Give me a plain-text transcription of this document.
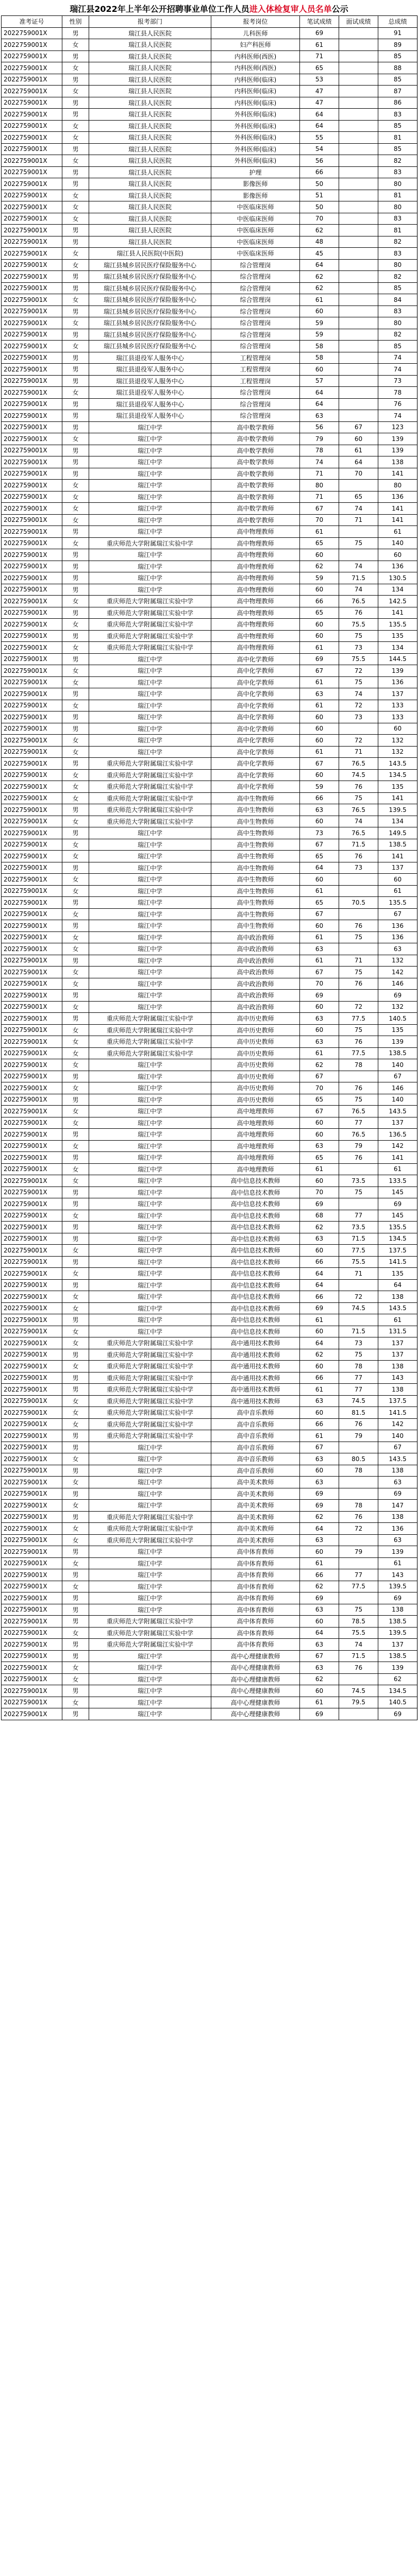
瑞江县2022年上半年公开招聘事业单位工作人员进入体检复审人员名单公示
准考证号	性别	报考部门	报考岗位	笔试成绩	面试成绩	总成绩
2022759001X	男	瑞江县人民医院	儿科医师	69		91
2022759001X	女	瑞江县人民医院	妇产科医师	61		89
2022759001X	男	瑞江县人民医院	内科医师(西医)	71		85
2022759001X	女	瑞江县人民医院	内科医师(西医)	65		88
2022759001X	男	瑞江县人民医院	内科医师(临床)	53		85
2022759001X	女	瑞江县人民医院	内科医师(临床)	47		87
2022759001X	男	瑞江县人民医院	内科医师(临床)	47		86
2022759001X	男	瑞江县人民医院	外科医师(临床)	64		83
2022759001X	女	瑞江县人民医院	外科医师(临床)	64		85
2022759001X	女	瑞江县人民医院	外科医师(临床)	55		81
2022759001X	男	瑞江县人民医院	外科医师(临床)	54		85
2022759001X	女	瑞江县人民医院	外科医师(临床)	56		82
2022759001X	男	瑞江县人民医院	护理	66		83
2022759001X	男	瑞江县人民医院	影像医师	50		80
2022759001X	女	瑞江县人民医院	影像医师	51		81
2022759001X	女	瑞江县人民医院	中医临床医师	50		80
2022759001X	女	瑞江县人民医院	中医临床医师	70		83
2022759001X	男	瑞江县人民医院	中医临床医师	62		81
2022759001X	男	瑞江县人民医院	中医临床医师	48		82
2022759001X	女	瑞江县人民医院(中医院)	中医临床医师	45		83
2022759001X	女	瑞江县城乡居民医疗保险服务中心	综合管理岗	64		80
2022759001X	男	瑞江县城乡居民医疗保险服务中心	综合管理岗	62		82
2022759001X	男	瑞江县城乡居民医疗保险服务中心	综合管理岗	62		85
2022759001X	女	瑞江县城乡居民医疗保险服务中心	综合管理岗	61		84
2022759001X	男	瑞江县城乡居民医疗保险服务中心	综合管理岗	60		83
2022759001X	女	瑞江县城乡居民医疗保险服务中心	综合管理岗	59		80
2022759001X	男	瑞江县城乡居民医疗保险服务中心	综合管理岗	59		82
2022759001X	女	瑞江县城乡居民医疗保险服务中心	综合管理岗	58		85
2022759001X	男	瑞江县退役军人服务中心	工程管理岗	58		74
2022759001X	男	瑞江县退役军人服务中心	工程管理岗	60		74
2022759001X	男	瑞江县退役军人服务中心	工程管理岗	57		73
2022759001X	女	瑞江县退役军人服务中心	综合管理岗	64		78
2022759001X	男	瑞江县退役军人服务中心	综合管理岗	64		76
2022759001X	男	瑞江县退役军人服务中心	综合管理岗	63		74
2022759001X	男	瑞江中学	高中数学教师	56	67	123
2022759001X	女	瑞江中学	高中数学教师	79	60	139
2022759001X	男	瑞江中学	高中数学教师	78	61	139
2022759001X	男	瑞江中学	高中数学教师	74	64	138
2022759001X	男	瑞江中学	高中数学教师	71	70	141
2022759001X	女	瑞江中学	高中数学教师	80		80
2022759001X	女	瑞江中学	高中数学教师	71	65	136
2022759001X	女	瑞江中学	高中数学教师	67	74	141
2022759001X	女	瑞江中学	高中数学教师	70	71	141
2022759001X	男	瑞江中学	高中物理教师	61		61
2022759001X	女	重庆师范大学附属瑞江实验中学	高中物理教师	65	75	140
2022759001X	男	瑞江中学	高中物理教师	60		60
2022759001X	男	瑞江中学	高中物理教师	62	74	136
2022759001X	男	瑞江中学	高中物理教师	59	71.5	130.5
2022759001X	男	瑞江中学	高中物理教师	60	74	134
2022759001X	女	重庆师范大学附属瑞江实验中学	高中物理教师	66	76.5	142.5
2022759001X	男	重庆师范大学附属瑞江实验中学	高中物理教师	65	76	141
2022759001X	女	重庆师范大学附属瑞江实验中学	高中物理教师	60	75.5	135.5
2022759001X	男	重庆师范大学附属瑞江实验中学	高中物理教师	60	75	135
2022759001X	女	重庆师范大学附属瑞江实验中学	高中物理教师	61	73	134
2022759001X	男	瑞江中学	高中化学教师	69	75.5	144.5
2022759001X	女	瑞江中学	高中化学教师	67	72	139
2022759001X	女	瑞江中学	高中化学教师	61	75	136
2022759001X	男	瑞江中学	高中化学教师	63	74	137
2022759001X	女	瑞江中学	高中化学教师	61	72	133
2022759001X	男	瑞江中学	高中化学教师	60	73	133
2022759001X	男	瑞江中学	高中化学教师	60		60
2022759001X	女	瑞江中学	高中化学教师	60	72	132
2022759001X	女	瑞江中学	高中化学教师	61	71	132
2022759001X	男	重庆师范大学附属瑞江实验中学	高中化学教师	67	76.5	143.5
2022759001X	女	重庆师范大学附属瑞江实验中学	高中化学教师	60	74.5	134.5
2022759001X	女	重庆师范大学附属瑞江实验中学	高中化学教师	59	76	135
2022759001X	女	重庆师范大学附属瑞江实验中学	高中生物教师	66	75	141
2022759001X	男	重庆师范大学附属瑞江实验中学	高中生物教师	63	76.5	139.5
2022759001X	女	重庆师范大学附属瑞江实验中学	高中生物教师	60	74	134
2022759001X	男	瑞江中学	高中生物教师	73	76.5	149.5
2022759001X	女	瑞江中学	高中生物教师	67	71.5	138.5
2022759001X	女	瑞江中学	高中生物教师	65	76	141
2022759001X	男	瑞江中学	高中生物教师	64	73	137
2022759001X	女	瑞江中学	高中生物教师	60		60
2022759001X	女	瑞江中学	高中生物教师	61		61
2022759001X	男	瑞江中学	高中生物教师	65	70.5	135.5
2022759001X	女	瑞江中学	高中生物教师	67		67
2022759001X	男	瑞江中学	高中生物教师	60	76	136
2022759001X	女	瑞江中学	高中政治教师	61	75	136
2022759001X	女	瑞江中学	高中政治教师	63		63
2022759001X	男	瑞江中学	高中政治教师	61	71	132
2022759001X	女	瑞江中学	高中政治教师	67	75	142
2022759001X	女	瑞江中学	高中政治教师	70	76	146
2022759001X	男	瑞江中学	高中政治教师	69		69
2022759001X	女	瑞江中学	高中政治教师	60	72	132
2022759001X	男	重庆师范大学附属瑞江实验中学	高中历史教师	63	77.5	140.5
2022759001X	女	重庆师范大学附属瑞江实验中学	高中历史教师	60	75	135
2022759001X	女	重庆师范大学附属瑞江实验中学	高中历史教师	63	76	139
2022759001X	女	重庆师范大学附属瑞江实验中学	高中历史教师	61	77.5	138.5
2022759001X	女	瑞江中学	高中历史教师	62	78	140
2022759001X	男	瑞江中学	高中历史教师	67		67
2022759001X	女	瑞江中学	高中历史教师	70	76	146
2022759001X	男	瑞江中学	高中历史教师	65	75	140
2022759001X	女	瑞江中学	高中地理教师	67	76.5	143.5
2022759001X	女	瑞江中学	高中地理教师	60	77	137
2022759001X	男	瑞江中学	高中地理教师	60	76.5	136.5
2022759001X	女	瑞江中学	高中地理教师	63	79	142
2022759001X	男	瑞江中学	高中地理教师	65	76	141
2022759001X	女	瑞江中学	高中地理教师	61		61
2022759001X	女	瑞江中学	高中信息技术教师	60	73.5	133.5
2022759001X	男	瑞江中学	高中信息技术教师	70	75	145
2022759001X	男	瑞江中学	高中信息技术教师	69		69
2022759001X	女	瑞江中学	高中信息技术教师	68	77	145
2022759001X	男	瑞江中学	高中信息技术教师	62	73.5	135.5
2022759001X	男	瑞江中学	高中信息技术教师	63	71.5	134.5
2022759001X	女	瑞江中学	高中信息技术教师	60	77.5	137.5
2022759001X	男	瑞江中学	高中信息技术教师	66	75.5	141.5
2022759001X	女	瑞江中学	高中信息技术教师	64	71	135
2022759001X	男	瑞江中学	高中信息技术教师	64		64
2022759001X	女	瑞江中学	高中信息技术教师	66	72	138
2022759001X	女	瑞江中学	高中信息技术教师	69	74.5	143.5
2022759001X	男	瑞江中学	高中信息技术教师	61		61
2022759001X	女	瑞江中学	高中信息技术教师	60	71.5	131.5
2022759001X	女	重庆师范大学附属瑞江实验中学	高中通用技术教师	64	73	137
2022759001X	男	重庆师范大学附属瑞江实验中学	高中通用技术教师	62	75	137
2022759001X	女	重庆师范大学附属瑞江实验中学	高中通用技术教师	60	78	138
2022759001X	男	重庆师范大学附属瑞江实验中学	高中通用技术教师	66	77	143
2022759001X	男	重庆师范大学附属瑞江实验中学	高中通用技术教师	61	77	138
2022759001X	女	重庆师范大学附属瑞江实验中学	高中通用技术教师	63	74.5	137.5
2022759001X	女	重庆师范大学附属瑞江实验中学	高中音乐教师	60	81.5	141.5
2022759001X	女	重庆师范大学附属瑞江实验中学	高中音乐教师	66	76	142
2022759001X	男	重庆师范大学附属瑞江实验中学	高中音乐教师	61	79	140
2022759001X	男	瑞江中学	高中音乐教师	67		67
2022759001X	女	瑞江中学	高中音乐教师	63	80.5	143.5
2022759001X	男	瑞江中学	高中音乐教师	60	78	138
2022759001X	女	瑞江中学	高中美术教师	63		63
2022759001X	男	瑞江中学	高中美术教师	69		69
2022759001X	女	瑞江中学	高中美术教师	69	78	147
2022759001X	男	重庆师范大学附属瑞江实验中学	高中美术教师	62	76	138
2022759001X	女	重庆师范大学附属瑞江实验中学	高中美术教师	64	72	136
2022759001X	女	重庆师范大学附属瑞江实验中学	高中美术教师	63		63
2022759001X	男	瑞江中学	高中体育教师	60	79	139
2022759001X	女	瑞江中学	高中体育教师	61		61
2022759001X	男	瑞江中学	高中体育教师	66	77	143
2022759001X	女	瑞江中学	高中体育教师	62	77.5	139.5
2022759001X	男	瑞江中学	高中体育教师	69		69
2022759001X	男	瑞江中学	高中体育教师	63	75	138
2022759001X	男	重庆师范大学附属瑞江实验中学	高中体育教师	60	78.5	138.5
2022759001X	女	重庆师范大学附属瑞江实验中学	高中体育教师	64	75.5	139.5
2022759001X	男	重庆师范大学附属瑞江实验中学	高中体育教师	63	74	137
2022759001X	男	瑞江中学	高中心理健康教师	67	71.5	138.5
2022759001X	女	瑞江中学	高中心理健康教师	63	76	139
2022759001X	女	瑞江中学	高中心理健康教师	62		62
2022759001X	男	瑞江中学	高中心理健康教师	60	74.5	134.5
2022759001X	女	瑞江中学	高中心理健康教师	61	79.5	140.5
2022759001X	男	瑞江中学	高中心理健康教师	69		69
